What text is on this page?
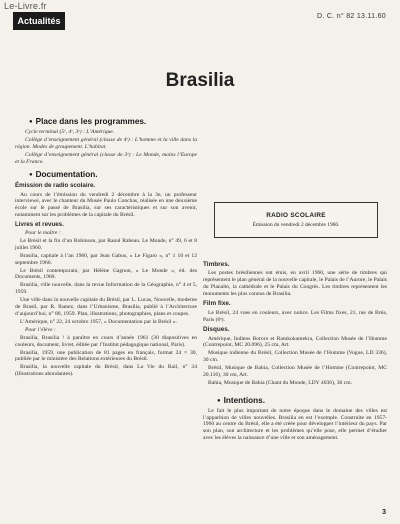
Le-Livre.fr
Actualités	D. C. n° 82 13.11.60
Brasilia
● Place dans les programmes.

Cycle terminal (5ᵉ, 4ᵉ, 3ᵉ) : L’Amérique.

Collège d’enseignement général (classe de 4ᵉ) : L’homme et la ville dans la région. Modes de groupement. L’habitat.

Collège d’enseignement général (classe de 3ᵉ) : Le Monde, moins l’Europe et la France.

● Documentation.
Émission de radio scolaire.

Au cours de l’émission du vendredi 2 décembre à la 3e, un professeur interviewé, avec le chanteur du Musée Paulo Conchas, réalisée en une deuxième école sur le passé de Brasilia, sur ses caractéristiques et sur son avenir, notamment sur les problèmes de la capitale du Brésil.

Livres et revues.

Pour le maître :

Le Brésil et la fin d’un Robinson, par Raoul Rabeau. Le Monde, n° 49, 6 et 8 juillet 1960.

Brasilia, capitale à l’an 1960, par Jean Gabus, « Le Figaro », n° 1 10 et 12 septembre 1960.

Le Brésil contemporain, par Hélène Gagnon, « Le Monde », éd. des Documents, 1960.

Brasilia, ville nouvelle, dans la revue Information de la Géographie, n° 4 et 5, 1959.

Une ville dans la nouvelle capitale du Brésil, par L. Lucas, Nouvelle, moderne de Brasil, par R. Ibanez, dans l’Urbanisme, Brasilia, publié à l’Architecture d’aujourd’hui, n° 80, 1959. Plan, illustrations, photographies, plans et coupes.

L’Amérique, n° 22, 24 octobre 1957, « Documentation par la Brésil ».

Pour l’élève :

Brasilia, Brasilia ! à paraître en cours d’année 1961 (30 diapositives en couleurs, document, livret, éditée par l’Institut pédagogique national, Paris).

Brasilia, 1959, une publication de 81 pages en français, format 24 × 30, publiée par le ministère des Relations extérieures du Brésil.

Brasilia, la nouvelle capitale du Brésil, dans La Vie du Rail, n° 34 (Illustrations abondantes).

RADIO SCOLAIRE
Émission du vendredi 2 décembre 1960.
Timbres.

Les postes brésiliennes ont émis, en avril 1960, une série de timbres qui représentent le plan général de la nouvelle capitale, le Palais de l’Aurore, le Palais du Planalto, la cathédrale et le Palais du Congrès. Les timbres représentent les monuments les plus connus de Brasilia.

Film fixe.

Le Brésil, 24 vues en couleurs, avec notice. Les Films fixes, 21, rue de Bréa, Paris (6ᵉ).

Disques.

Amérique, Indiens Bororo et Ramkokamekra, Collection Musée de l’Homme (Contrepoint, MC 20.096), 25 cm, Art.

Musique indienne du Brésil, Collection Musée de l’Homme (Vogue, LD 336), 30 cm.

Brésil, Musique de Bahia, Collection Musée de l’Homme (Contrepoint, MC 20.116), 30 cm, Art.

Bahia, Musique de Bahia (Chant du Monde, LDY 4036), 30 cm.

● Intentions.

Le fait le plus important de notre époque dans le domaine des villes est l’apparition de villes nouvelles. Brasilia en est l’exemple. Construite en 1957-1960 au centre du Brésil, elle a été créée pour développer l’intérieur du pays. Par son plan, son architecture et les problèmes qu’elle pose, elle permet d’étudier avec les élèves la naissance d’une ville et son aménagement.

3
